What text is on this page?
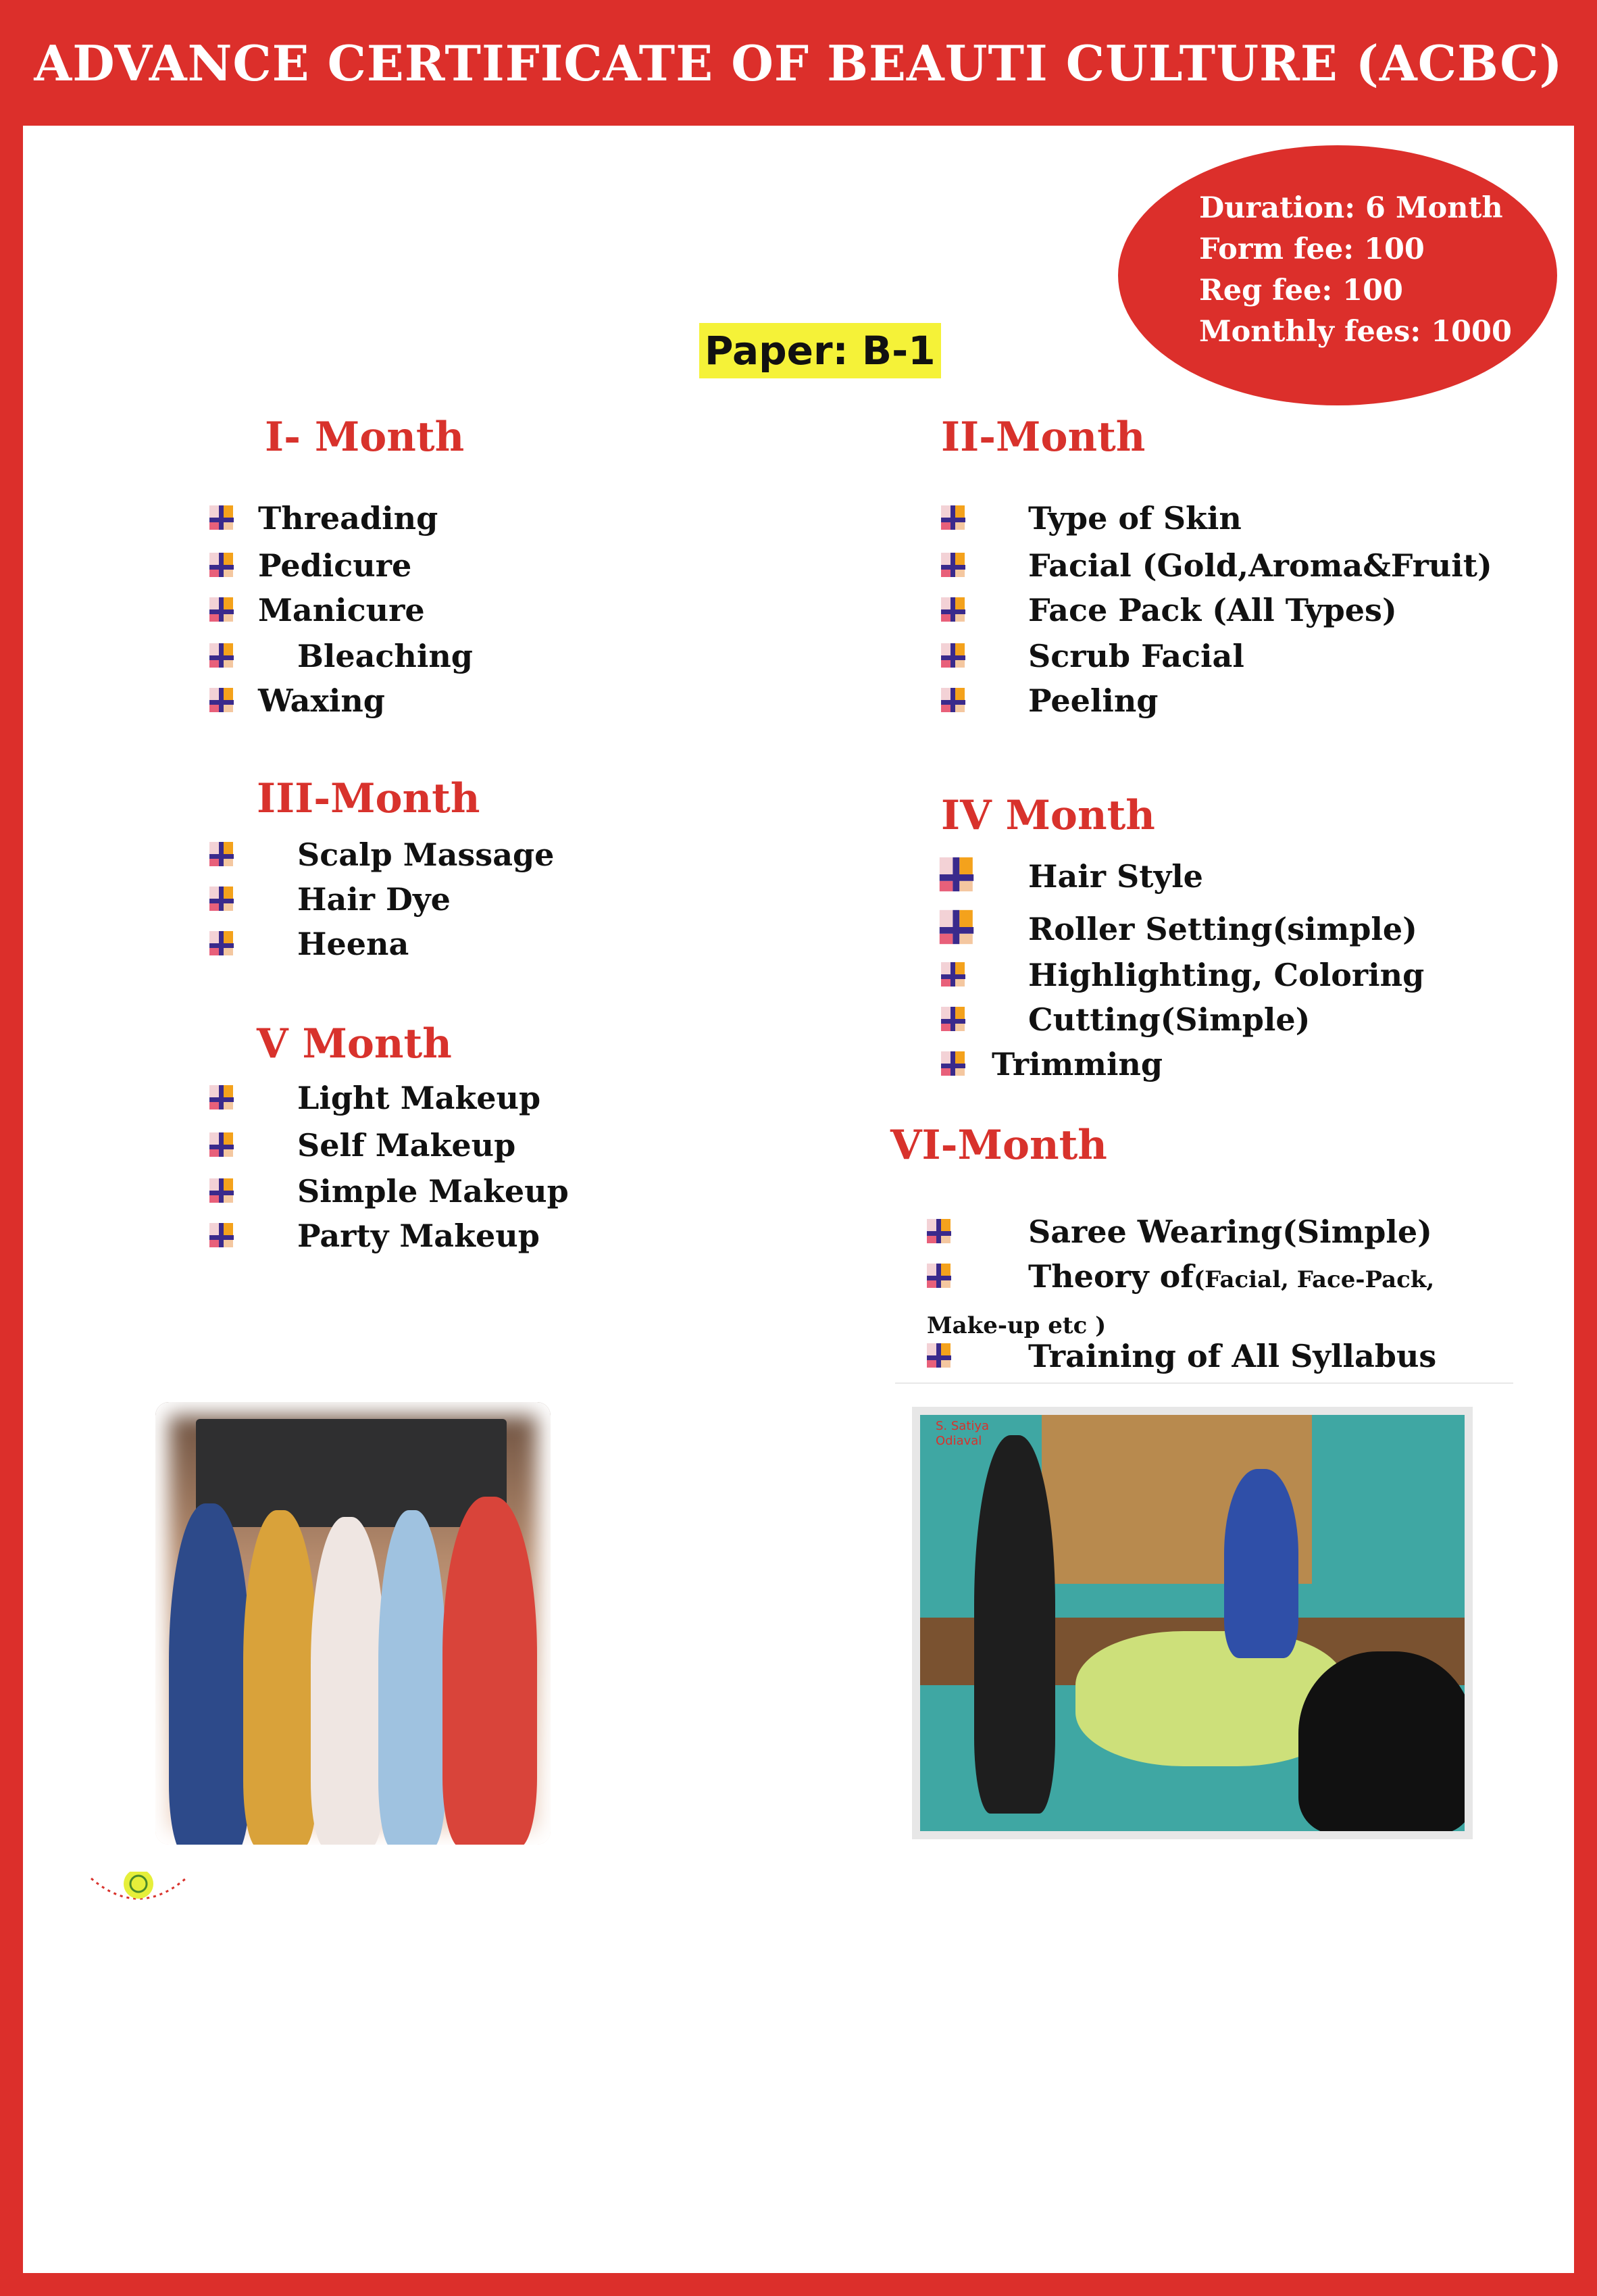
ADVANCE CERTIFICATE OF BEAUTI CULTURE (ACBC)
Duration: 6 Month
Form fee: 100
Reg fee: 100
Monthly fees: 1000
Paper: B-1
I- Month	II-Month
III-Month	IV Month
V Month
VI-Month
Threading
Pedicure
Manicure
Bleaching
Waxing
Type of Skin
Facial (Gold,Aroma&Fruit)
Face Pack (All Types)
Scrub Facial
Peeling
Scalp Massage
Hair Dye
Heena
Hair Style
Roller Setting(simple)
Highlighting, Coloring
Cutting(Simple)
Trimming
Light Makeup
Self Makeup
Simple Makeup
Party Makeup	Saree Wearing(Simple)
Theory of(Facial, Face-Pack,
Make-up etc )
Training of All Syllabus
S. Satiya
Odiaval
